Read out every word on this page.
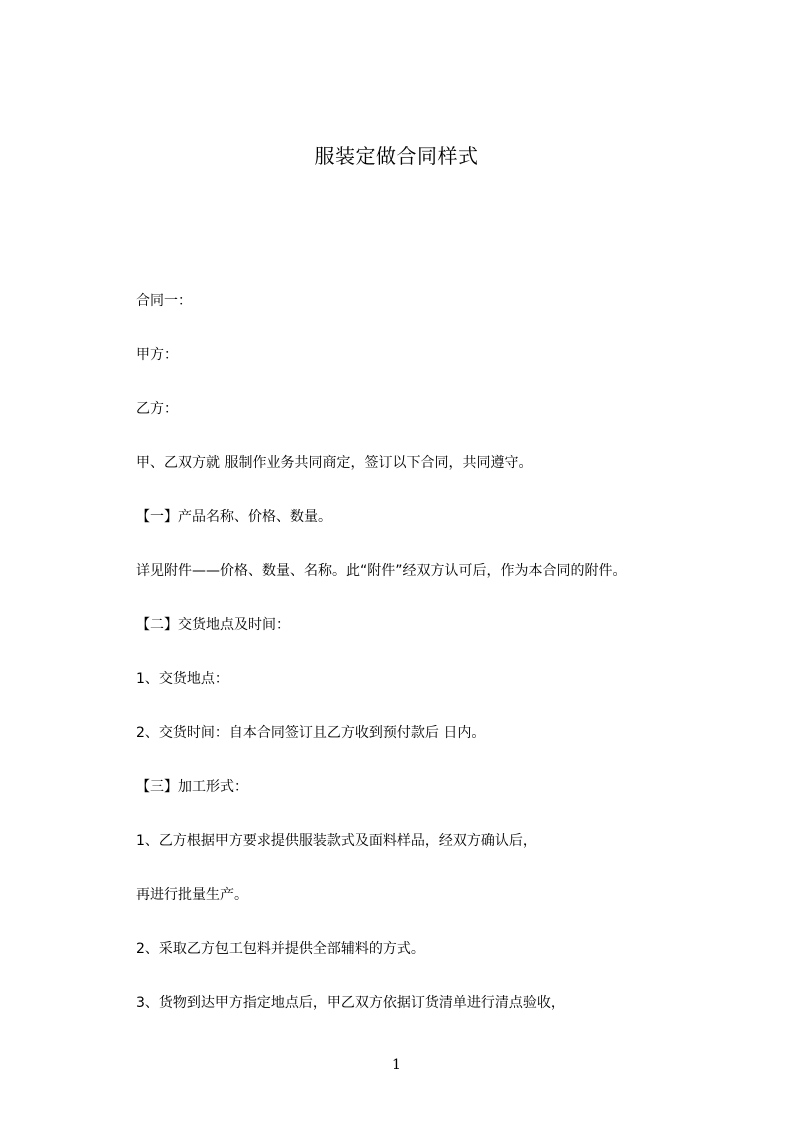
服装定做合同样式
合同一：
甲方：
乙方：
甲、乙双方就 服制作业务共同商定，签订以下合同，共同遵守。
【一】产品名称、价格、数量。
详见附件——价格、数量、名称。此“附件”经双方认可后，作为本合同的附件。
【二】交货地点及时间：
1、交货地点：
2、交货时间：自本合同签订且乙方收到预付款后 日内。
【三】加工形式：
1、乙方根据甲方要求提供服装款式及面料样品，经双方确认后，
再进行批量生产。
2、采取乙方包工包料并提供全部辅料的方式。
3、货物到达甲方指定地点后，甲乙双方依据订货清单进行清点验收，
1
